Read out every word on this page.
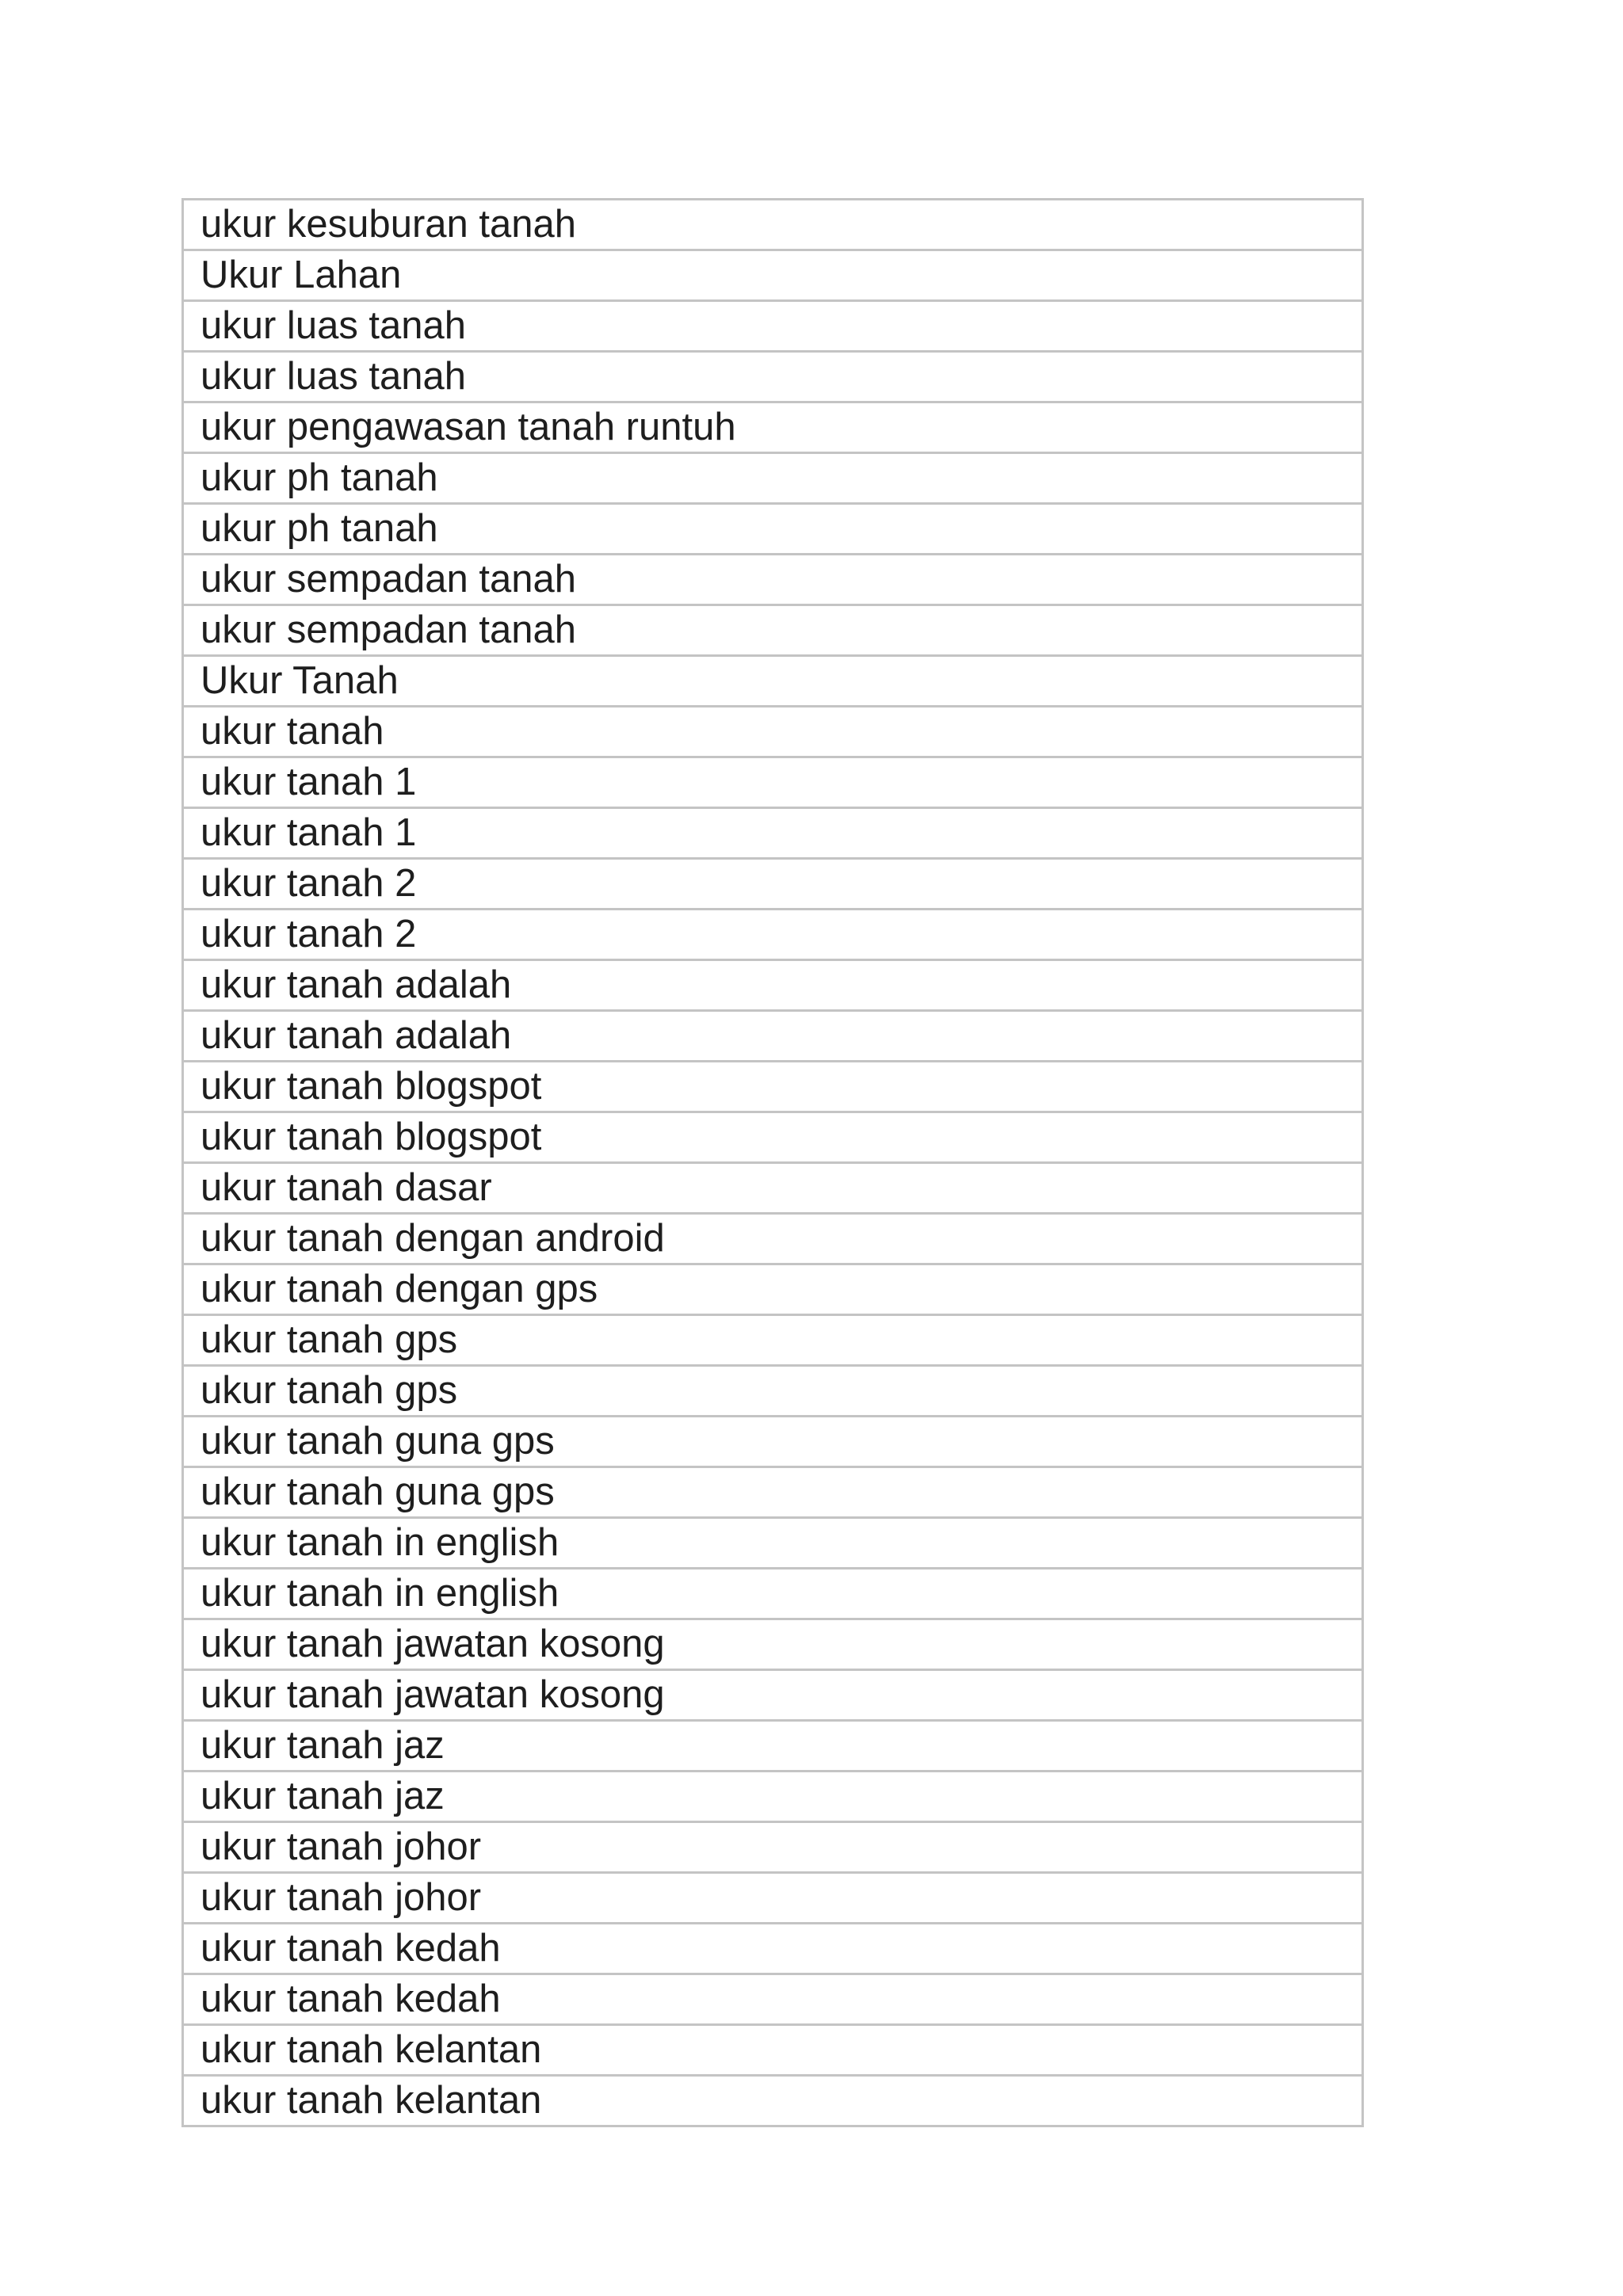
ukur kesuburan tanah
Ukur Lahan
ukur luas tanah
ukur luas tanah
ukur pengawasan tanah runtuh
ukur ph tanah
ukur ph tanah
ukur sempadan tanah
ukur sempadan tanah
Ukur Tanah
ukur tanah
ukur tanah 1
ukur tanah 1
ukur tanah 2
ukur tanah 2
ukur tanah adalah
ukur tanah adalah
ukur tanah blogspot
ukur tanah blogspot
ukur tanah dasar
ukur tanah dengan android
ukur tanah dengan gps
ukur tanah gps
ukur tanah gps
ukur tanah guna gps
ukur tanah guna gps
ukur tanah in english
ukur tanah in english
ukur tanah jawatan kosong
ukur tanah jawatan kosong
ukur tanah jaz
ukur tanah jaz
ukur tanah johor
ukur tanah johor
ukur tanah kedah
ukur tanah kedah
ukur tanah kelantan
ukur tanah kelantan
